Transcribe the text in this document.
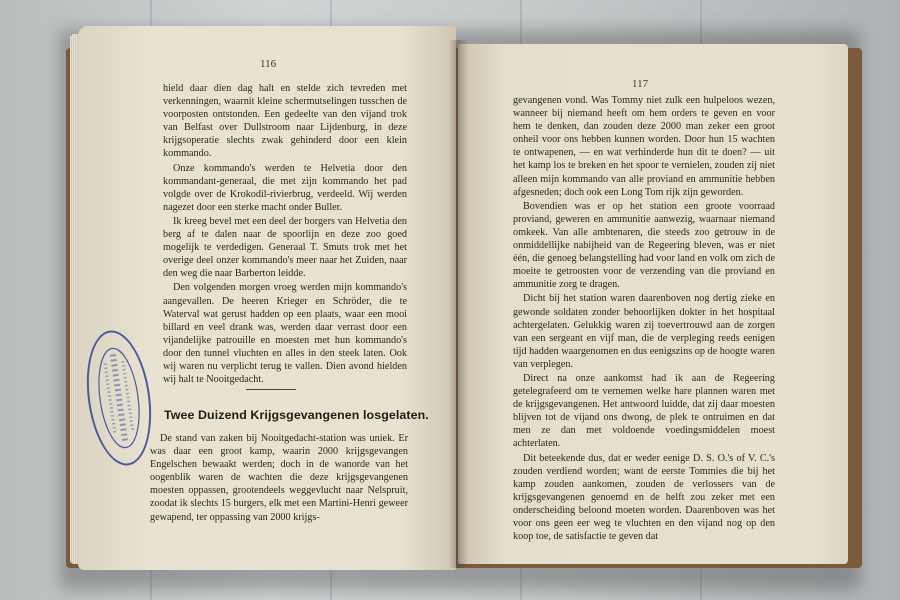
116

hield daar dien dag halt en stelde zich tevreden met verkenningen, waarnit kleine schermutselingen tusschen de voorposten ontstonden. Een gedeelte van den vijand trok van Belfast over Dullstroom naar Lijdenburg, in deze krijgsoperatie slechts zwak gehinderd door een klein kommando.

Onze kommando's werden te Helvetia door den kommandant-generaal, die met zijn kommando het pad volgde over de Krokodil-rivierbrug, verdeeld. Wij werden nagezet door een sterke macht onder Buller.

Ik kreeg bevel met een deel der borgers van Helvetia den berg af te dalen naar de spoorlijn en deze zoo goed mogelijk te verdedigen. Generaal T. Smuts trok met het overige deel onzer kommando's meer naar het Zuiden, naar den weg die naar Barberton leidde.

Den volgenden morgen vroeg werden mijn kommando's aangevallen. De heeren Krieger en Schröder, die te Waterval wat gerust hadden op een plaats, waar een mooi billard en veel drank was, werden daar verrast door een vijandelijke patrouille en moesten met hun kommando's door den tunnel vluchten en alles in den steek laten. Ook wij waren nu verplicht terug te vallen. Dien avond hielden wij halt te Nooitgedacht.

Twee Duizend Krijgsgevangenen losgelaten.

De stand van zaken bij Nooitgedacht-station was uniek. Er was daar een groot kamp, waarin 2000 krijgsgevangen Engelschen bewaakt werden; doch in de wanorde van het oogenblik waren de wachten die deze krijgsgevangenen moesten oppassen, grootendeels weggevlucht naar Nelspruit, zoodat ik slechts 15 burgers, elk met een Martini-Henri geweer gewapend, ter oppassing van 2000 krijgs-

117

gevangenen vond. Was Tommy niet zulk een hulpeloos wezen, wanneer bij niemand heeft om hem orders te geven en voor hem te denken, dan zouden deze 2000 man zeker een groot onheil voor ons hebben kunnen worden. Door hun 15 wachten te ontwapenen, — en wat verhinderde hun dit te doen? — uit het kamp los te breken en het spoor te vernielen, zouden zij niet alleen mijn kommando van alle proviand en ammunitie hebben afgesneden; doch ook een Long Tom rijk zijn geworden.

Bovendien was er op het station een groote voorraad proviand, geweren en ammunitie aanwezig, waarnaar niemand omkeek. Van alle ambtenaren, die steeds zoo getrouw in de onmiddellijke nabijheid van de Regeering bleven, was er niet één, die genoeg belangstelling had voor land en volk om zich de moeite te getroosten voor de verzending van die proviand en ammunitie zorg te dragen.

Dicht bij het station waren daarenboven nog dertig zieke en gewonde soldaten zonder behoorlijken dokter in het hospitaal achtergelaten. Gelukkig waren zij toevertrouwd aan de zorgen van een sergeant en vijf man, die de verpleging reeds eenigen tijd hadden waargenomen en dus eenigszins op de hoogte waren van verplegen.

Direct na onze aankomst had ik aan de Regeering getelegrafeerd om te vernemen welke hare plannen waren met de krijgsgevangenen. Het antwoord luidde, dat zij daar moesten blijven tot de vijand ons dwong, de plek te ontruimen en dat men ze dan met voldoende voedingsmiddelen moest achterlaten.

Dit beteekende dus, dat er weder eenige D. S. O.'s of V. C.'s zouden verdiend worden; want de eerste Tommies die bij het kamp zouden aankomen, zouden de verlossers van de krijgsgevangenen genoemd en de helft zou zeker met een onderscheiding beloond moeten worden. Daarenboven was het voor ons geen eer weg te vluchten en den vijand nog op den koop toe, de satisfactie te geven dat
